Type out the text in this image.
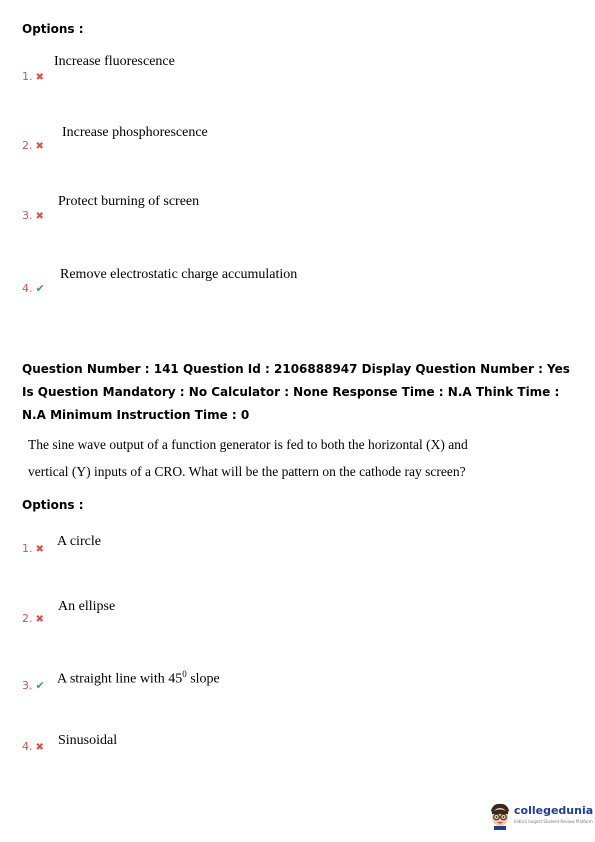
Options :
Increase fluorescence
1. ✖
Increase phosphorescence
2. ✖
Protect burning of screen
3. ✖
Remove electrostatic charge accumulation
4. ✔
Question Number : 141 Question Id : 2106888947 Display Question Number : Yes Is Question Mandatory : No Calculator : None Response Time : N.A Think Time : N.A Minimum Instruction Time : 0
The sine wave output of a function generator is fed to both the horizontal (X) and
vertical (Y) inputs of a CRO. What will be the pattern on the cathode ray screen?
Options :
A circle
1. ✖
An ellipse
2. ✖
A straight line with $45^0$ slope
3. ✔
Sinusoidal
4. ✖
collegedunia
India's largest Student Review Platform
